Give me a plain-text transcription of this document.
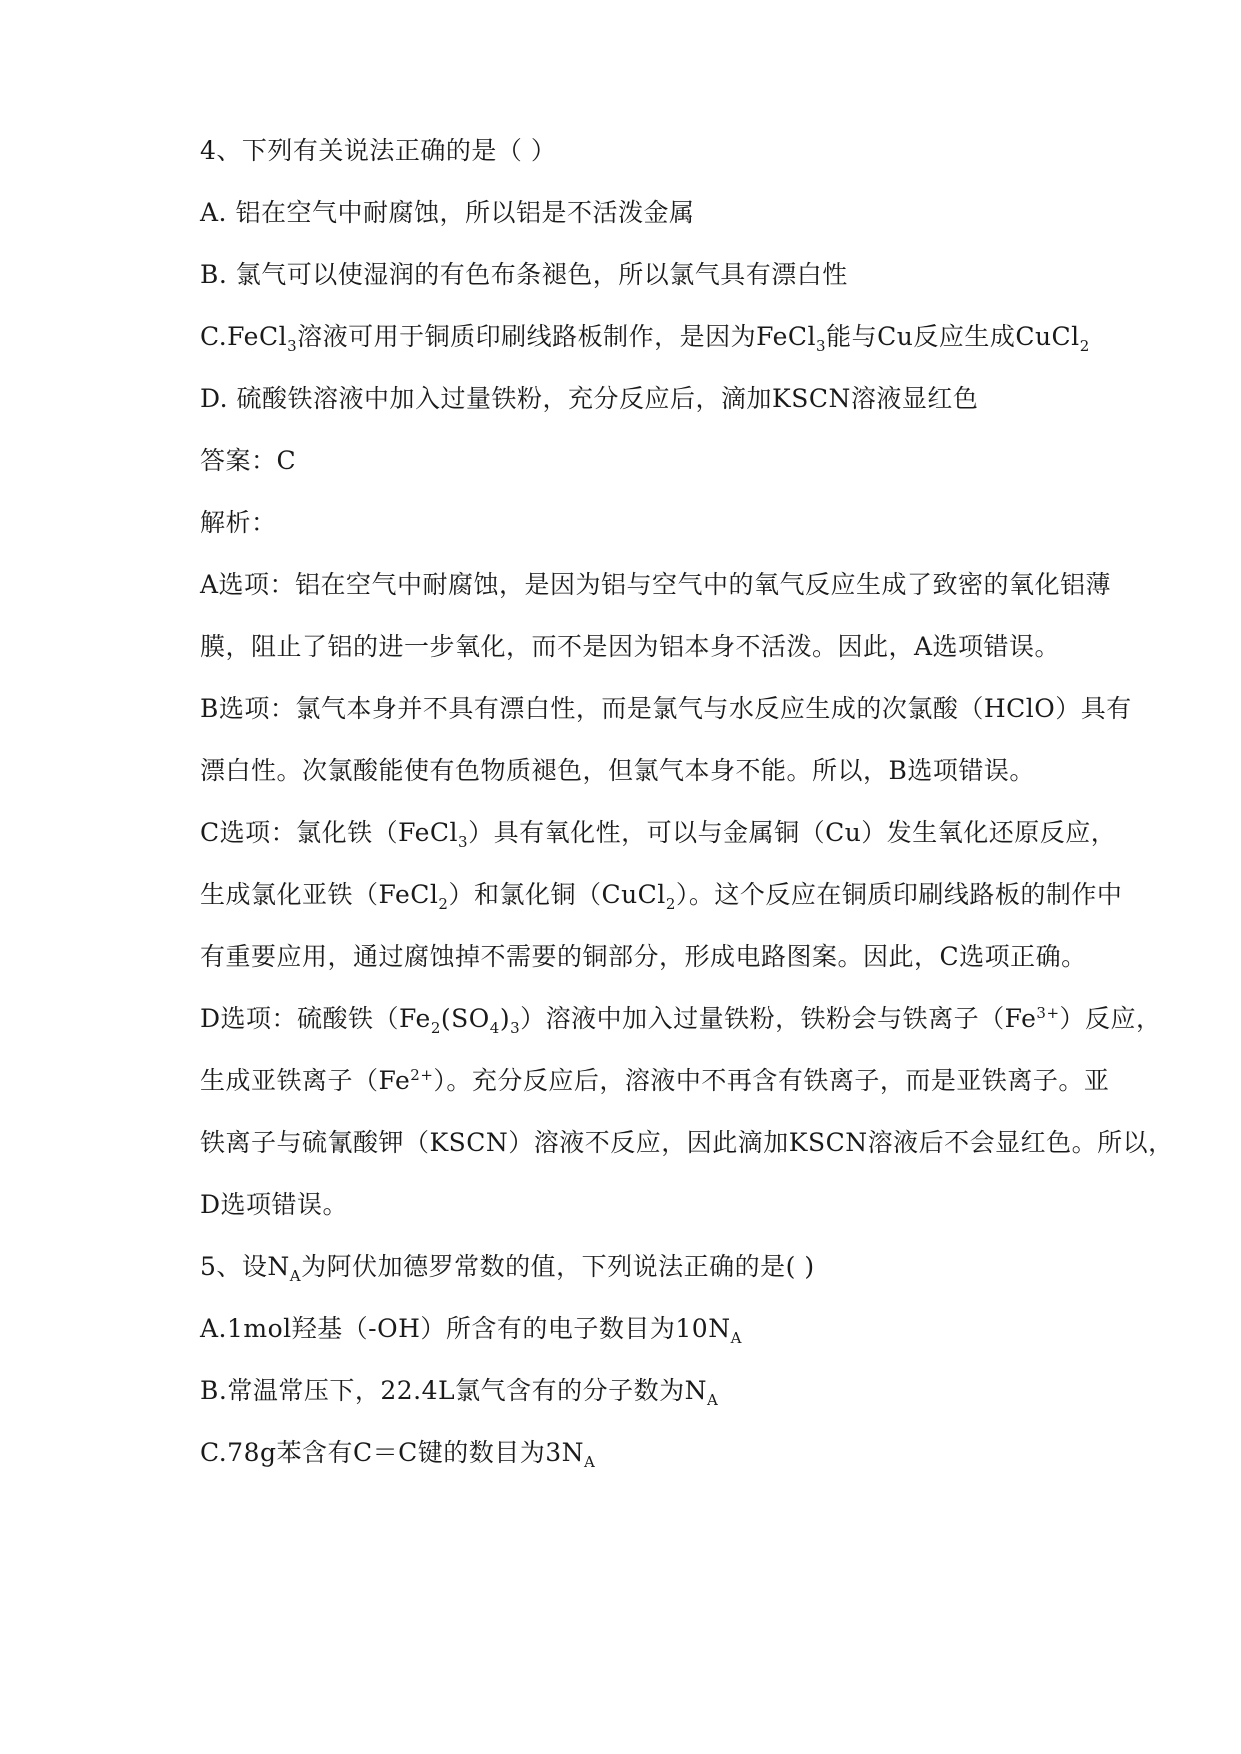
4、下列有关说法正确的是（ ）
A. 铝在空气中耐腐蚀，所以铝是不活泼金属
B. 氯气可以使湿润的有色布条褪色，所以氯气具有漂白性
C.FeCl$_3$溶液可用于铜质印刷线路板制作，是因为FeCl$_3$能与Cu反应生成CuCl$_2$
D. 硫酸铁溶液中加入过量铁粉，充分反应后，滴加KSCN溶液显红色
答案：C
解析：
A选项：铝在空气中耐腐蚀，是因为铝与空气中的氧气反应生成了致密的氧化铝薄
膜，阻止了铝的进一步氧化，而不是因为铝本身不活泼。因此，A选项错误。
B选项：氯气本身并不具有漂白性，而是氯气与水反应生成的次氯酸（HClO）具有
漂白性。次氯酸能使有色物质褪色，但氯气本身不能。所以，B选项错误。
C选项：氯化铁（FeCl$_3$）具有氧化性，可以与金属铜（Cu）发生氧化还原反应，
生成氯化亚铁（FeCl$_2$）和氯化铜（CuCl$_2$）。这个反应在铜质印刷线路板的制作中
有重要应用，通过腐蚀掉不需要的铜部分，形成电路图案。因此，C选项正确。
D选项：硫酸铁$(Fe_2(SO_4)_3)$溶液中加入过量铁粉，铁粉会与铁离子$(Fe^{3+})$反应，
生成亚铁离子$(Fe^{2+})$。充分反应后，溶液中不再含有铁离子，而是亚铁离子。亚
铁离子与硫氰酸钾（KSCN）溶液不反应，因此滴加KSCN溶液后不会显红色。所以，
D选项错误。
5、设$N_A$为阿伏加德罗常数的值，下列说法正确的是( )
A.1mol羟基（-OH）所含有的电子数目为$10N_A$
B.常温常压下，22.4L氯气含有的分子数为$N_A$
C.78g苯含有C＝C键的数目为$3N_A$
